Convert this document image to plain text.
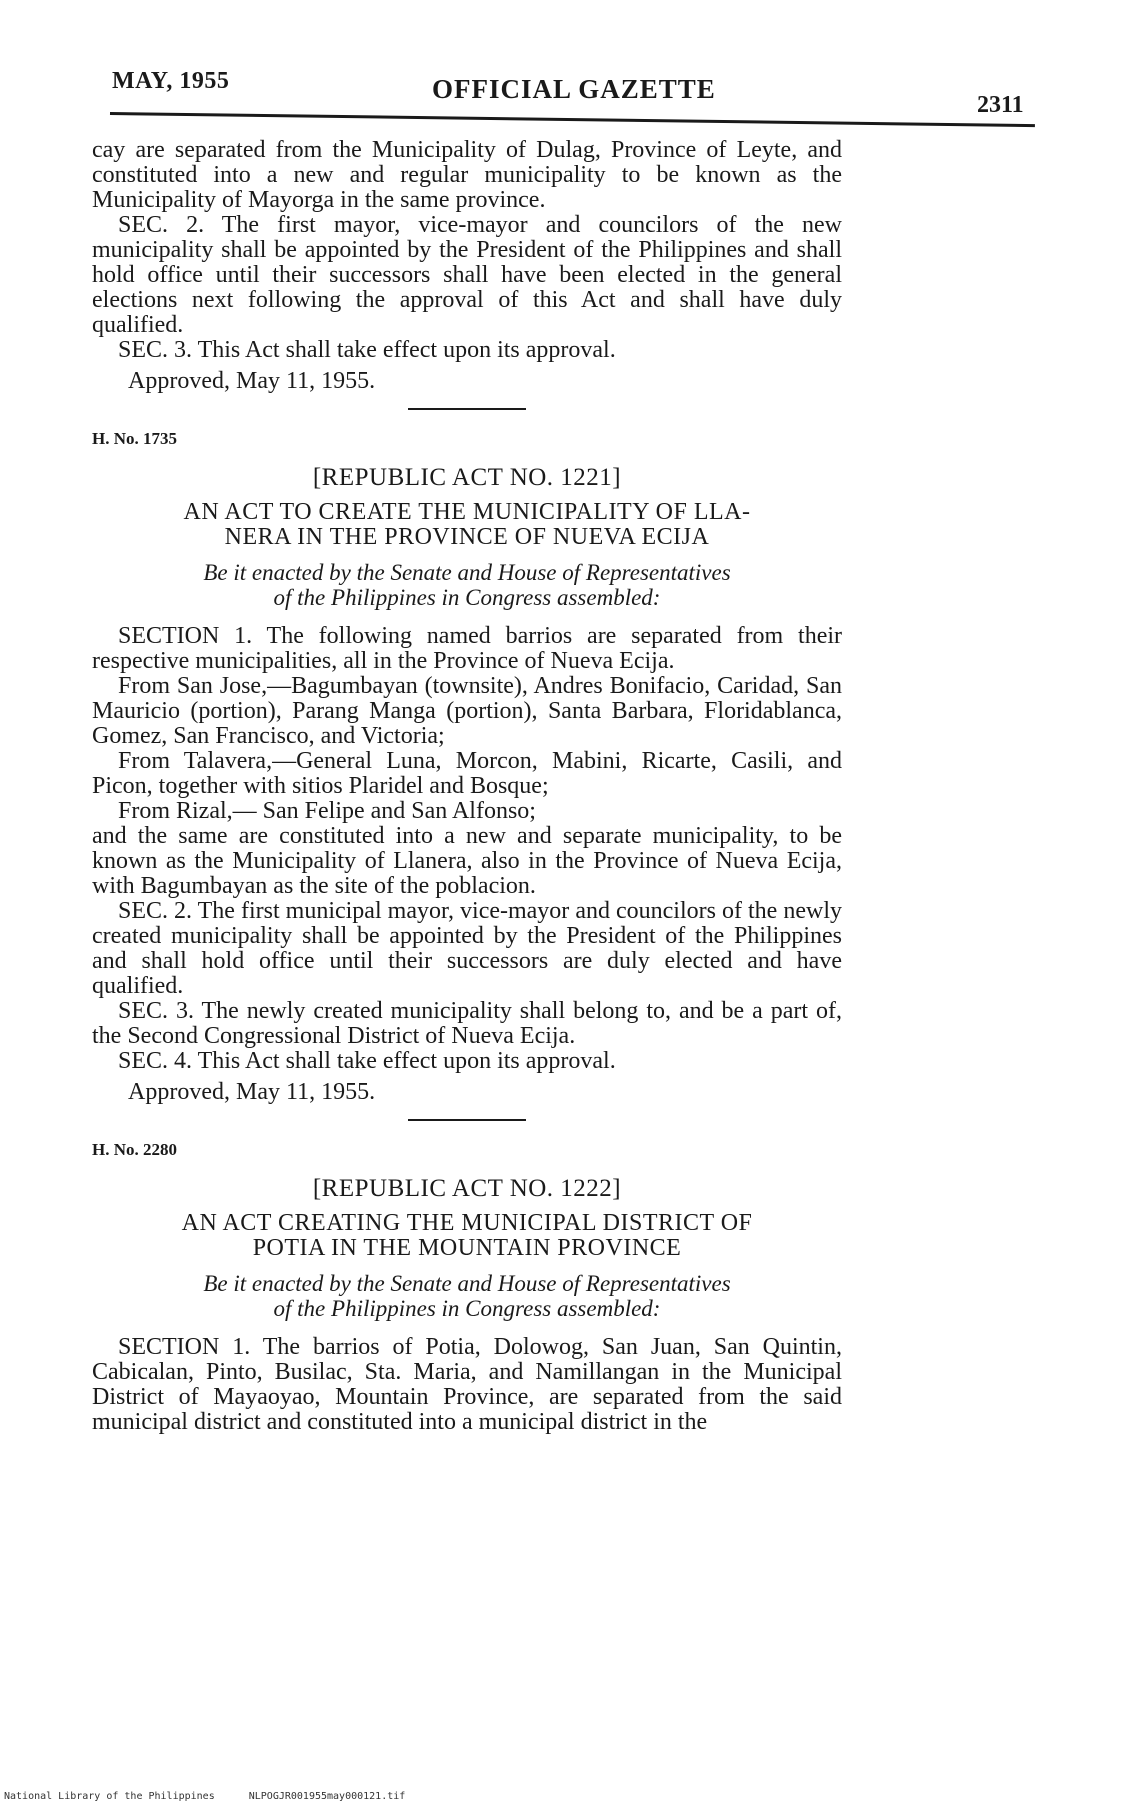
MAY, 1955	OFFICIAL GAZETTE
2311

cay are separated from the Municipality of Dulag, Province of Leyte, and constituted into a new and regular municipality to be known as the Municipality of Mayorga in the same province.

SEC. 2. The first mayor, vice-mayor and councilors of the new municipality shall be appointed by the President of the Philippines and shall hold office until their successors shall have been elected in the general elections next following the approval of this Act and shall have duly qualified.

SEC. 3. This Act shall take effect upon its approval.

Approved, May 11, 1955.

H. No. 1735
[REPUBLIC ACT NO. 1221]
AN ACT TO CREATE THE MUNICIPALITY OF LLA-
NERA IN THE PROVINCE OF NUEVA ECIJA
Be it enacted by the Senate and House of Representatives
of the Philippines in Congress assembled:

SECTION 1. The following named barrios are separated from their respective municipalities, all in the Province of Nueva Ecija.

From San Jose,—Bagumbayan (townsite), Andres Bonifacio, Caridad, San Mauricio (portion), Parang Manga (portion), Santa Barbara, Floridablanca, Gomez, San Francisco, and Victoria;

From Talavera,—General Luna, Morcon, Mabini, Ricarte, Casili, and Picon, together with sitios Plaridel and Bosque;

From Rizal,— San Felipe and San Alfonso;

and the same are constituted into a new and separate municipality, to be known as the Municipality of Llanera, also in the Province of Nueva Ecija, with Bagumbayan as the site of the poblacion.

SEC. 2. The first municipal mayor, vice-mayor and councilors of the newly created municipality shall be appointed by the President of the Philippines and shall hold office until their successors are duly elected and have qualified.

SEC. 3. The newly created municipality shall belong to, and be a part of, the Second Congressional District of Nueva Ecija.

SEC. 4. This Act shall take effect upon its approval.

Approved, May 11, 1955.

H. No. 2280
[REPUBLIC ACT NO. 1222]
AN ACT CREATING THE MUNICIPAL DISTRICT OF
POTIA IN THE MOUNTAIN PROVINCE
Be it enacted by the Senate and House of Representatives
of the Philippines in Congress assembled:

SECTION 1. The barrios of Potia, Dolowog, San Juan, San Quintin, Cabicalan, Pinto, Busilac, Sta. Maria, and Namillangan in the Municipal District of Mayaoyao, Mountain Province, are separated from the said municipal district and constituted into a municipal district in the

National Library of the Philippines	NLPOGJR001955may000121.tif
